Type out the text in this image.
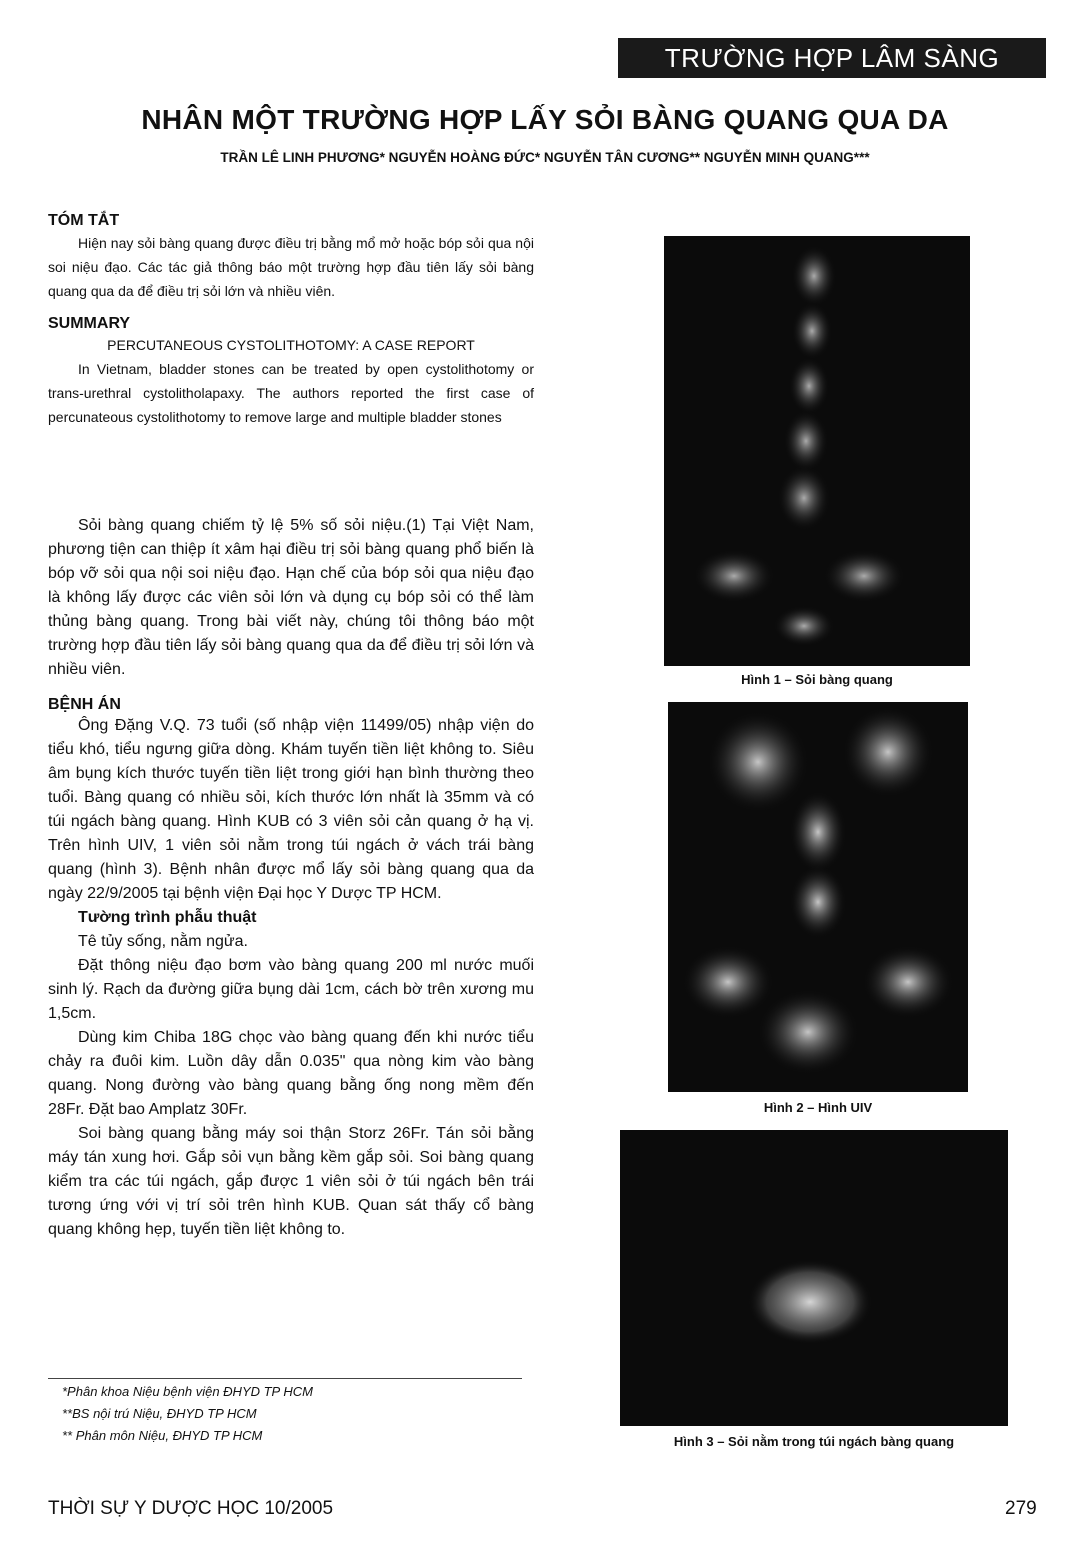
TRƯỜNG HỢP LÂM SÀNG
NHÂN MỘT TRƯỜNG HỢP LẤY SỎI BÀNG QUANG QUA DA
TRẦN LÊ LINH PHƯƠNG* NGUYỄN HOÀNG ĐỨC* NGUYỄN TÂN CƯƠNG** NGUYỄN MINH QUANG***

TÓM TẮT

Hiện nay sỏi bàng quang được điều trị bằng mổ mở hoặc bóp sỏi qua nội soi niệu đạo. Các tác giả thông báo một trường hợp đầu tiên lấy sỏi bàng quang qua da để điều trị sỏi lớn và nhiều viên.

SUMMARY

PERCUTANEOUS CYSTOLITHOTOMY: A CASE REPORT

In Vietnam, bladder stones can be treated by open cystolithotomy or trans-urethral cystolitholapaxy. The authors reported the first case of percunateous cystolithotomy to remove large and multiple bladder stones

Sỏi bàng quang chiếm tỷ lệ 5% số sỏi niệu.(1) Tại Việt Nam, phương tiện can thiệp ít xâm hại điều trị sỏi bàng quang phổ biến là bóp vỡ sỏi qua nội soi niệu đạo. Hạn chế của bóp sỏi qua niệu đạo là không lấy được các viên sỏi lớn và dụng cụ bóp sỏi có thể làm thủng bàng quang. Trong bài viết này, chúng tôi thông báo một trường hợp đầu tiên lấy sỏi bàng quang qua da để điều trị sỏi lớn và nhiều viên.

BỆNH ÁN

Ông Đặng V.Q. 73 tuổi (số nhập viện 11499/05) nhập viện do tiểu khó, tiểu ngưng giữa dòng. Khám tuyến tiền liệt không to. Siêu âm bụng kích thước tuyến tiền liệt trong giới hạn bình thường theo tuổi. Bàng quang có nhiều sỏi, kích thước lớn nhất là 35mm và có túi ngách bàng quang. Hình KUB có 3 viên sỏi cản quang ở hạ vị. Trên hình UIV, 1 viên sỏi nằm trong túi ngách ở vách trái bàng quang (hình 3). Bệnh nhân được mổ lấy sỏi bàng quang qua da ngày 22/9/2005 tại bệnh viện Đại học Y Dược TP HCM.

Tường trình phẫu thuật

Tê tủy sống, nằm ngửa.

Đặt thông niệu đạo bơm vào bàng quang 200 ml nước muối sinh lý. Rạch da đường giữa bụng dài 1cm, cách bờ trên xương mu 1,5cm.

Dùng kim Chiba 18G chọc vào bàng quang đến khi nước tiểu chảy ra đuôi kim. Luồn dây dẫn 0.035" qua nòng kim vào bàng quang. Nong đường vào bàng quang bằng ống nong mềm đến 28Fr. Đặt bao Amplatz 30Fr.

Soi bàng quang bằng máy soi thận Storz 26Fr. Tán sỏi bằng máy tán xung hơi. Gắp sỏi vụn bằng kềm gắp sỏi. Soi bàng quang kiểm tra các túi ngách, gắp được 1 viên sỏi ở túi ngách bên trái tương ứng với vị trí sỏi trên hình KUB. Quan sát thấy cổ bàng quang không hẹp, tuyến tiền liệt không to.

*Phân khoa Niệu bệnh viện ĐHYD TP HCM
**BS nội trú Niệu, ĐHYD TP HCM
** Phân môn Niệu, ĐHYD TP HCM
Hình 1 – Sỏi bàng quang
Hình 2 – Hình UIV
Hình 3 – Sỏi nằm trong túi ngách bàng quang
THỜI SỰ Y DƯỢC HỌC 10/2005	279
